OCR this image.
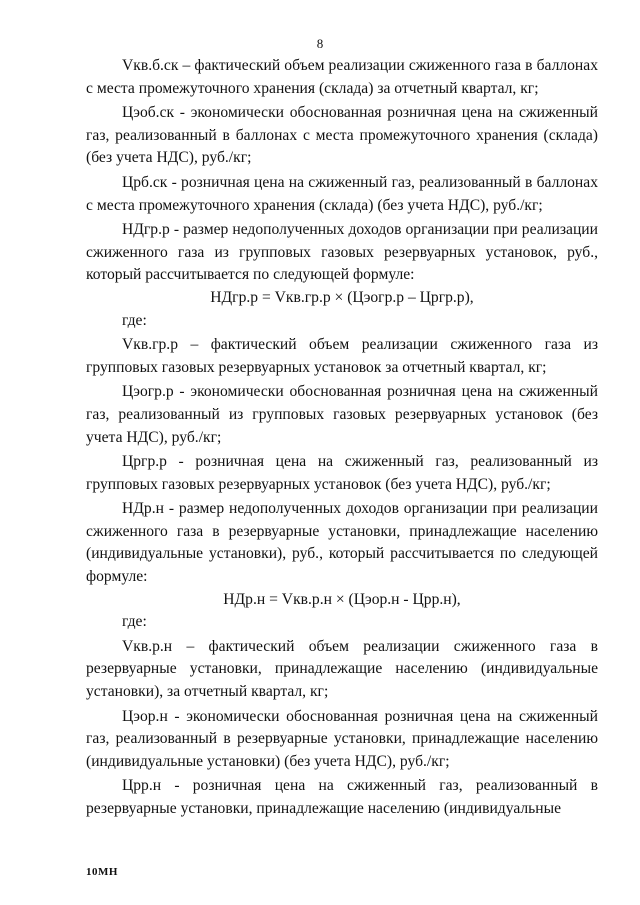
8

Vкв.б.ск – фактический объем реализации сжиженного газа в баллонах с места промежуточного хранения (склада) за отчетный квартал, кг;

Цэоб.ск - экономически обоснованная розничная цена на сжиженный газ, реализованный в баллонах с места промежуточного хранения (склада) (без учета НДС), руб./кг;

Црб.ск - розничная цена на сжиженный газ, реализованный в баллонах с места промежуточного хранения (склада) (без учета НДС), руб./кг;

НДгр.р - размер недополученных доходов организации при реализации сжиженного газа из групповых газовых резервуарных установок, руб., который рассчитывается по следующей формуле:

НДгр.р = Vкв.гр.р × (Цэогр.р – Цргр.р),

где:

Vкв.гр.р – фактический объем реализации сжиженного газа из групповых газовых резервуарных установок за отчетный квартал, кг;

Цэогр.р - экономически обоснованная розничная цена на сжиженный газ, реализованный из групповых газовых резервуарных установок (без учета НДС), руб./кг;

Цргр.р - розничная цена на сжиженный газ, реализованный из групповых газовых резервуарных установок (без учета НДС), руб./кг;

НДр.н - размер недополученных доходов организации при реализации сжиженного газа в резервуарные установки, принадлежащие населению (индивидуальные установки), руб., который рассчитывается по следующей формуле:

НДр.н = Vкв.р.н × (Цэор.н - Црр.н),

где:

Vкв.р.н – фактический объем реализации сжиженного газа в резервуарные установки, принадлежащие населению (индивидуальные установки), за отчетный квартал, кг;

Цэор.н - экономически обоснованная розничная цена на сжиженный газ, реализованный в резервуарные установки, принадлежащие населению (индивидуальные установки) (без учета НДС), руб./кг;

Црр.н - розничная цена на сжиженный газ, реализованный в резервуарные установки, принадлежащие населению (индивидуальные

10МН
